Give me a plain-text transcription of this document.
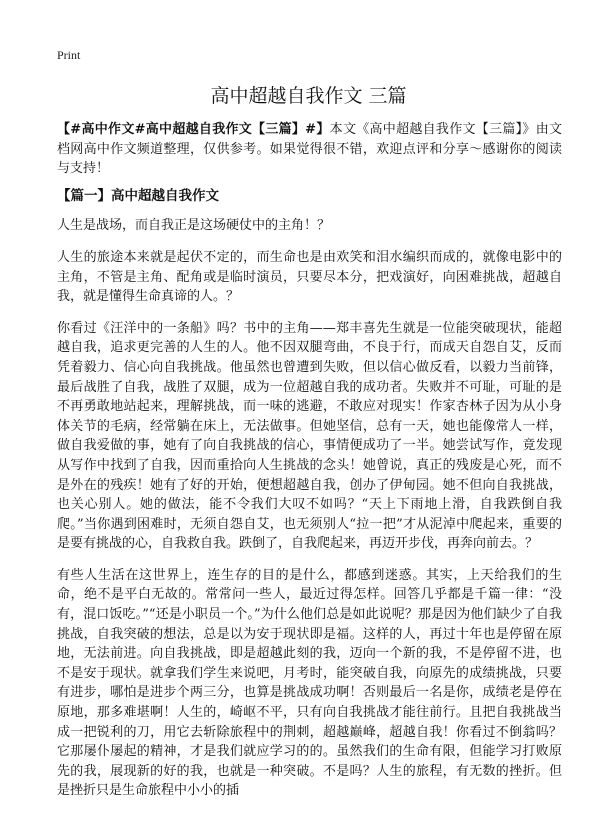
Print
高中超越自我作文 三篇

【#高中作文#高中超越自我作文【三篇】#】本文《高中超越自我作文【三篇】》由文档网高中作文频道整理，仅供参考。如果觉得很不错，欢迎点评和分享～感谢你的阅读与支持！

【篇一】高中超越自我作文

人生是战场，而自我正是这场硬仗中的主角！？

人生的旅途本来就是起伏不定的，而生命也是由欢笑和泪水编织而成的，就像电影中的主角，不管是主角、配角或是临时演员，只要尽本分，把戏演好，向困难挑战，超越自我，就是懂得生命真谛的人。？

你看过《汪洋中的一条船》吗？书中的主角——郑丰喜先生就是一位能突破现状，能超越自我，追求更完善的人生的人。他不因双腿弯曲，不良于行，而成天自怨自艾，反而凭着毅力、信心向自我挑战。他虽然也曾遭到失败，但以信心做反看，以毅力当前锋，最后战胜了自我，战胜了双腿，成为一位超越自我的成功者。失败并不可耻，可耻的是不再勇敢地站起来，理解挑战，而一味的逃避，不敢应对现实！作家杏林子因为从小身体关节的毛病，经常躺在床上，无法做事。但她坚信，总有一天，她也能像常人一样，做自我爱做的事，她有了向自我挑战的信心，事情便成功了一半。她尝试写作，竟发现从写作中找到了自我，因而重拾向人生挑战的念头！她曾说，真正的残废是心死，而不是外在的残疾！她有了好的开始，便想超越自我，创办了伊甸园。她不但向自我挑战，也关心别人。她的做法，能不令我们大叹不如吗？“天上下雨地上滑，自我跌倒自我爬。”当你遇到困难时，无须自怨自艾，也无须别人“拉一把”才从泥淖中爬起来，重要的是要有挑战的心，自我救自我。跌倒了，自我爬起来，再迈开步伐，再奔向前去。？

有些人生活在这世界上，连生存的目的是什么，都感到迷惑。其实，上天给我们的生命，绝不是平白无故的。常常问一些人，最近过得怎样。回答几乎都是千篇一律：“没有，混口饭吃。”“还是小职员一个。”为什么他们总是如此说呢？那是因为他们缺少了自我挑战，自我突破的想法，总是以为安于现状即是福。这样的人，再过十年也是停留在原地，无法前进。向自我挑战，即是超越此刻的我，迈向一个新的我，不是停留不进，也不是安于现状。就拿我们学生来说吧，月考时，能突破自我，向原先的成绩挑战，只要有进步，哪怕是进步个两三分，也算是挑战成功啊！否则最后一名是你，成绩老是停在原地，那多难堪啊！人生的，崎岖不平，只有向自我挑战才能往前行。且把自我挑战当成一把锐利的刀，用它去斩除旅程中的荆刺，超越巅峰，超越自我！你看过不倒翁吗？它那屡仆屡起的精神，才是我们就应学习的的。虽然我们的生命有限，但能学习打败原先的我，展现新的好的我，也就是一种突破。不是吗？人生的旅程，有无数的挫折。但是挫折只是生命旅程中小小的插
